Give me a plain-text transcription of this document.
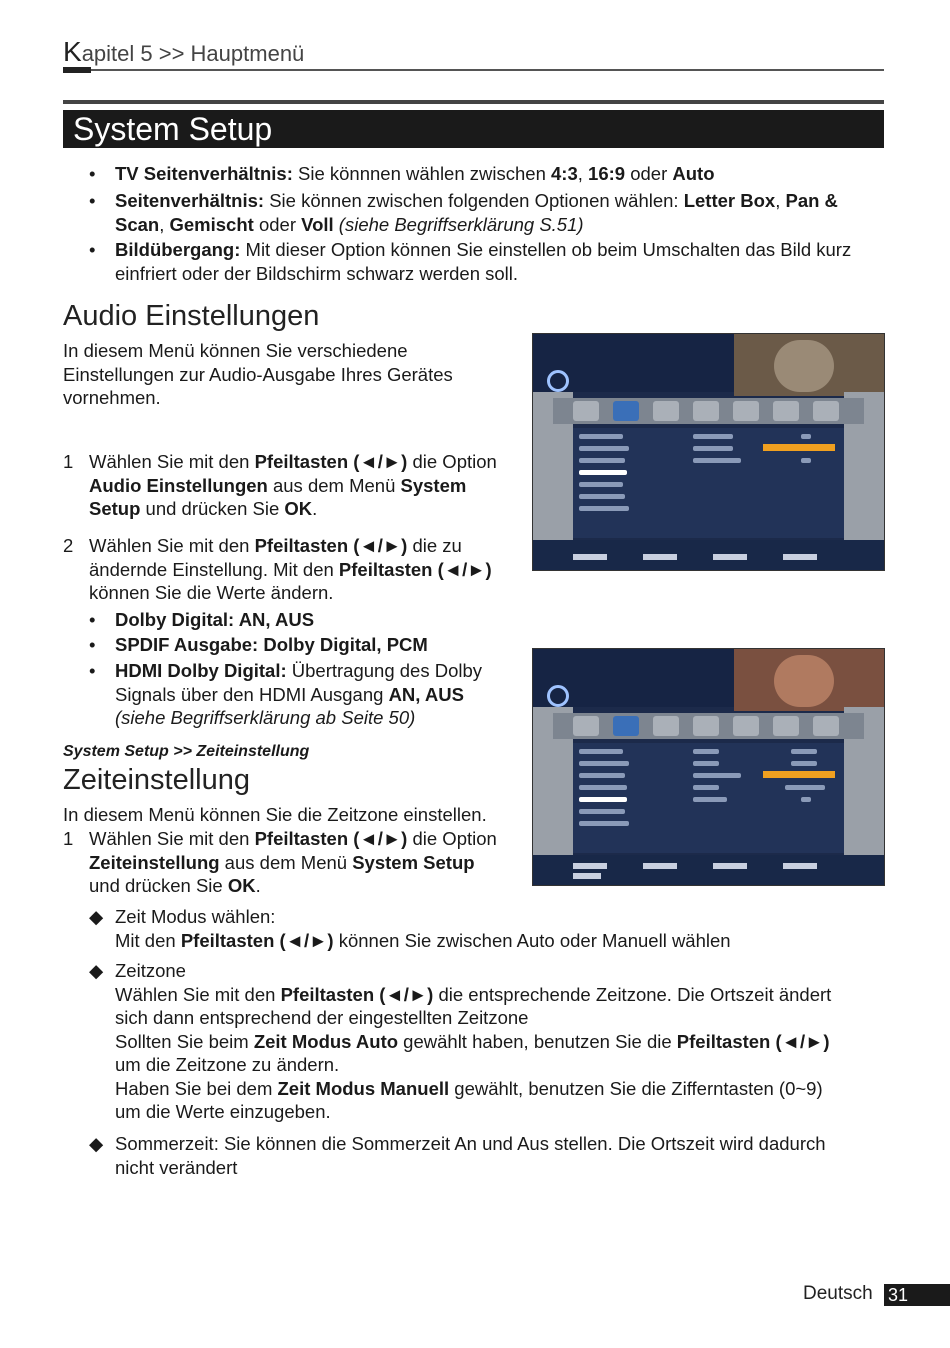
Kapitel 5 >> Hauptmenü
System Setup
• TV Seitenverhältnis: Sie könnnen wählen zwischen 4:3, 16:9 oder Auto
• Seitenverhältnis: Sie können zwischen folgenden Optionen wählen: Letter Box, Pan &
Scan, Gemischt oder Voll (siehe Begriffserklärung S.51)
• Bildübergang: Mit dieser Option können Sie einstellen ob beim Umschalten das Bild kurz
einfriert oder der Bildschirm schwarz werden soll.
Audio Einstellungen
In diesem Menü können Sie verschiedene
Einstellungen zur Audio-Ausgabe Ihres Gerätes
vornehmen.
1 Wählen Sie mit den Pfeiltasten (◄/►) die Option
Audio Einstellungen aus dem Menü System
Setup und drücken Sie OK.
2 Wählen Sie mit den Pfeiltasten (◄/►) die zu
ändernde Einstellung. Mit den Pfeiltasten (◄/►)
können Sie die Werte ändern.
• Dolby Digital: AN, AUS
• SPDIF Ausgabe: Dolby Digital, PCM
• HDMI Dolby Digital: Übertragung des Dolby
Signals über den HDMI Ausgang AN, AUS
(siehe Begriffserklärung ab Seite 50)
System Setup >> Zeiteinstellung
Zeiteinstellung
In diesem Menü können Sie die Zeitzone einstellen.
1 Wählen Sie mit den Pfeiltasten (◄/►) die Option
Zeiteinstellung aus dem Menü System Setup
und drücken Sie OK.
◆ Zeit Modus wählen:
Mit den Pfeiltasten (◄/►) können Sie zwischen Auto oder Manuell wählen
◆ Zeitzone
Wählen Sie mit den Pfeiltasten (◄/►) die entsprechende Zeitzone. Die Ortszeit ändert
sich dann entsprechend der eingestellten Zeitzone
Sollten Sie beim Zeit Modus Auto gewählt haben, benutzen Sie die Pfeiltasten (◄/►)
um die Zeitzone zu ändern.
Haben Sie bei dem Zeit Modus Manuell gewählt, benutzen Sie die Zifferntasten (0~9)
um die Werte einzugeben.
◆ Sommerzeit: Sie können die Sommerzeit An und Aus stellen. Die Ortszeit wird dadurch
nicht verändert
Deutsch 31
